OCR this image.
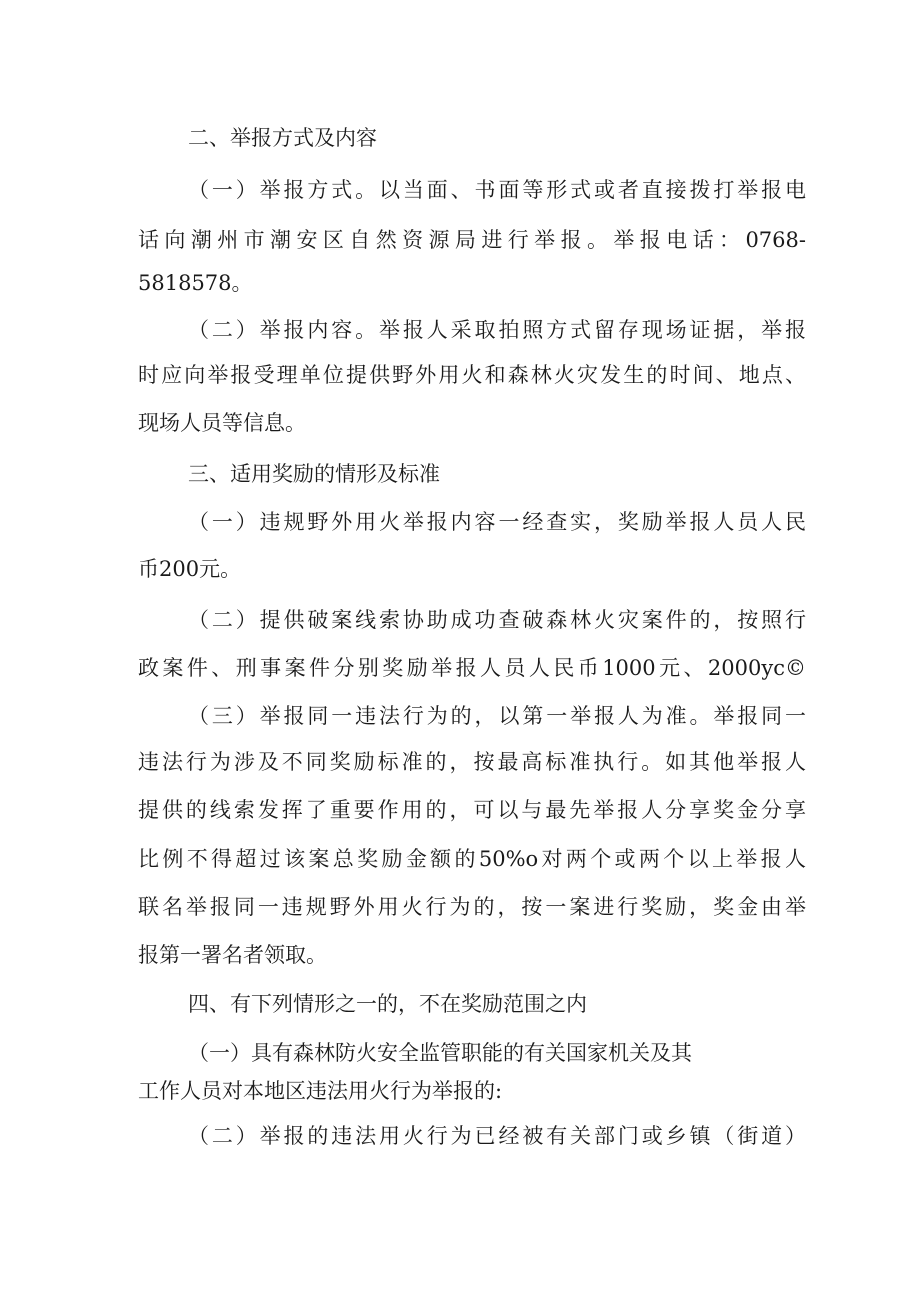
二、举报方式及内容
（一）举报方式。以当面、书面等形式或者直接拨打举报电
话向潮州市潮安区自然资源局进行举报。举报电话：0768-
5818578。
（二）举报内容。举报人采取拍照方式留存现场证据，举报
时应向举报受理单位提供野外用火和森林火灾发生的时间、地点、
现场人员等信息。
三、适用奖励的情形及标准
（一）违规野外用火举报内容一经查实，奖励举报人员人民
币200元。
（二）提供破案线索协助成功查破森林火灾案件的，按照行
政案件、刑事案件分别奖励举报人员人民币1000元、2000yc©
（三）举报同一违法行为的，以第一举报人为准。举报同一
违法行为涉及不同奖励标准的，按最高标准执行。如其他举报人
提供的线索发挥了重要作用的，可以与最先举报人分享奖金分享
比例不得超过该案总奖励金额的50%o对两个或两个以上举报人
联名举报同一违规野外用火行为的，按一案进行奖励，奖金由举
报第一署名者领取。
四、有下列情形之一的，不在奖励范围之内
（一）具有森林防火安全监管职能的有关国家机关及其
工作人员对本地区违法用火行为举报的:
（二）举报的违法用火行为已经被有关部门或乡镇（街道）
